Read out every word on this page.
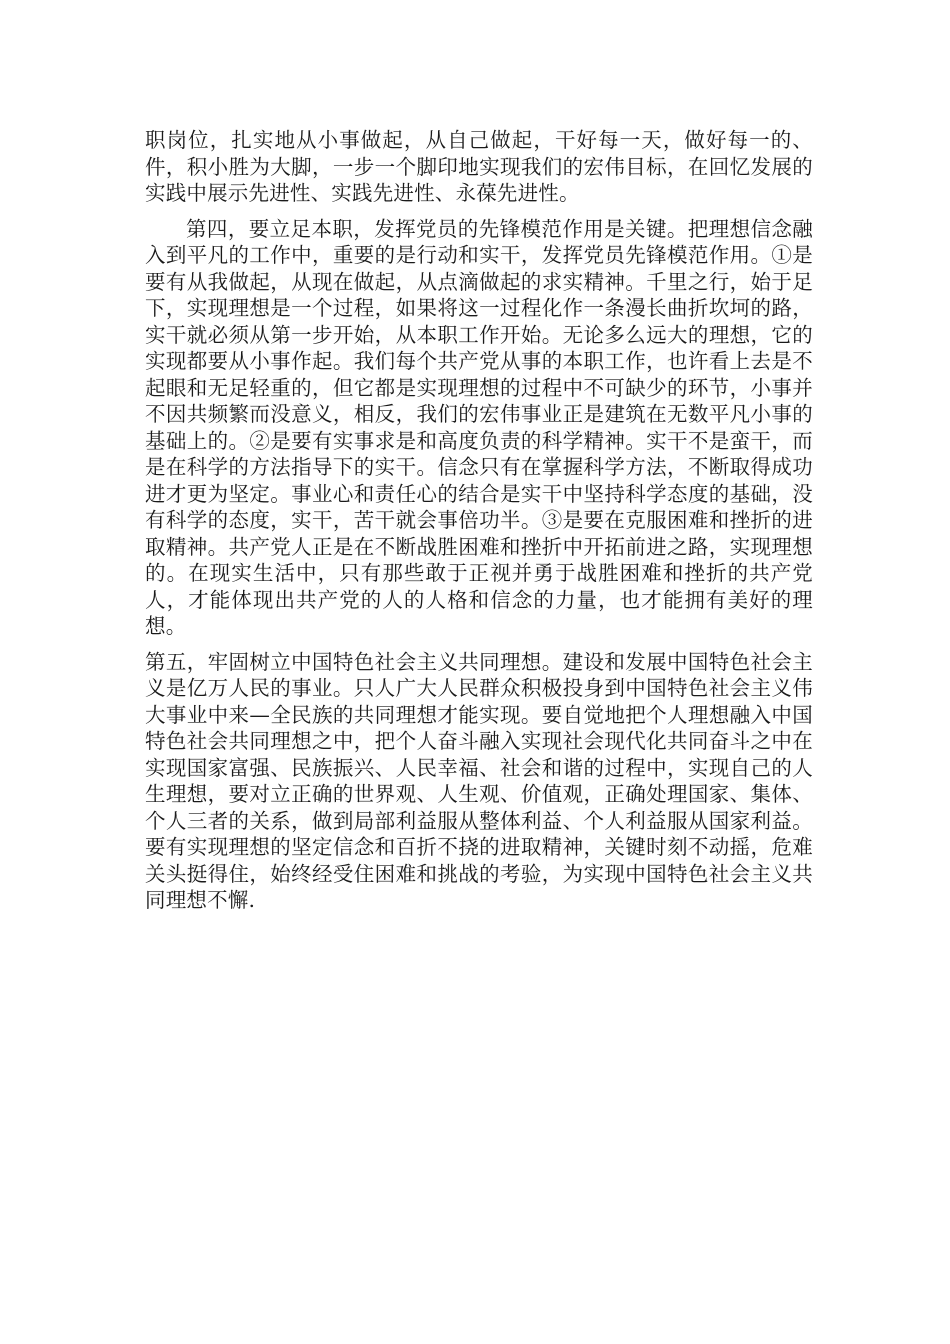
职岗位，扎实地从小事做起，从自己做起，干好每一天，做好每一的、件，积小胜为大脚，一步一个脚印地实现我们的宏伟目标，在回忆发展的实践中展示先进性、实践先进性、永葆先进性。

第四，要立足本职，发挥党员的先锋模范作用是关键。把理想信念融入到平凡的工作中，重要的是行动和实干，发挥党员先锋模范作用。①是要有从我做起，从现在做起，从点滴做起的求实精神。千里之行，始于足下，实现理想是一个过程，如果将这一过程化作一条漫长曲折坎坷的路，实干就必须从第一步开始，从本职工作开始。无论多么远大的理想，它的实现都要从小事作起。我们每个共产党从事的本职工作，也许看上去是不起眼和无足轻重的，但它都是实现理想的过程中不可缺少的环节，小事并不因共频繁而没意义，相反，我们的宏伟事业正是建筑在无数平凡小事的基础上的。②是要有实事求是和高度负责的科学精神。实干不是蛮干，而是在科学的方法指导下的实干。信念只有在掌握科学方法，不断取得成功进才更为坚定。事业心和责任心的结合是实干中坚持科学态度的基础，没有科学的态度，实干，苦干就会事倍功半。③是要在克服困难和挫折的进取精神。共产党人正是在不断战胜困难和挫折中开拓前进之路，实现理想的。在现实生活中，只有那些敢于正视并勇于战胜困难和挫折的共产党人，才能体现出共产党的人的人格和信念的力量，也才能拥有美好的理想。

第五，牢固树立中国特色社会主义共同理想。建设和发展中国特色社会主义是亿万人民的事业。只人广大人民群众积极投身到中国特色社会主义伟大事业中来—全民族的共同理想才能实现。要自觉地把个人理想融入中国特色社会共同理想之中，把个人奋斗融入实现社会现代化共同奋斗之中在实现国家富强、民族振兴、人民幸福、社会和谐的过程中，实现自己的人生理想，要对立正确的世界观、人生观、价值观，正确处理国家、集体、个人三者的关系，做到局部利益服从整体利益、个人利益服从国家利益。要有实现理想的坚定信念和百折不挠的进取精神，关键时刻不动摇，危难关头挺得住，始终经受住困难和挑战的考验，为实现中国特色社会主义共同理想不懈.
